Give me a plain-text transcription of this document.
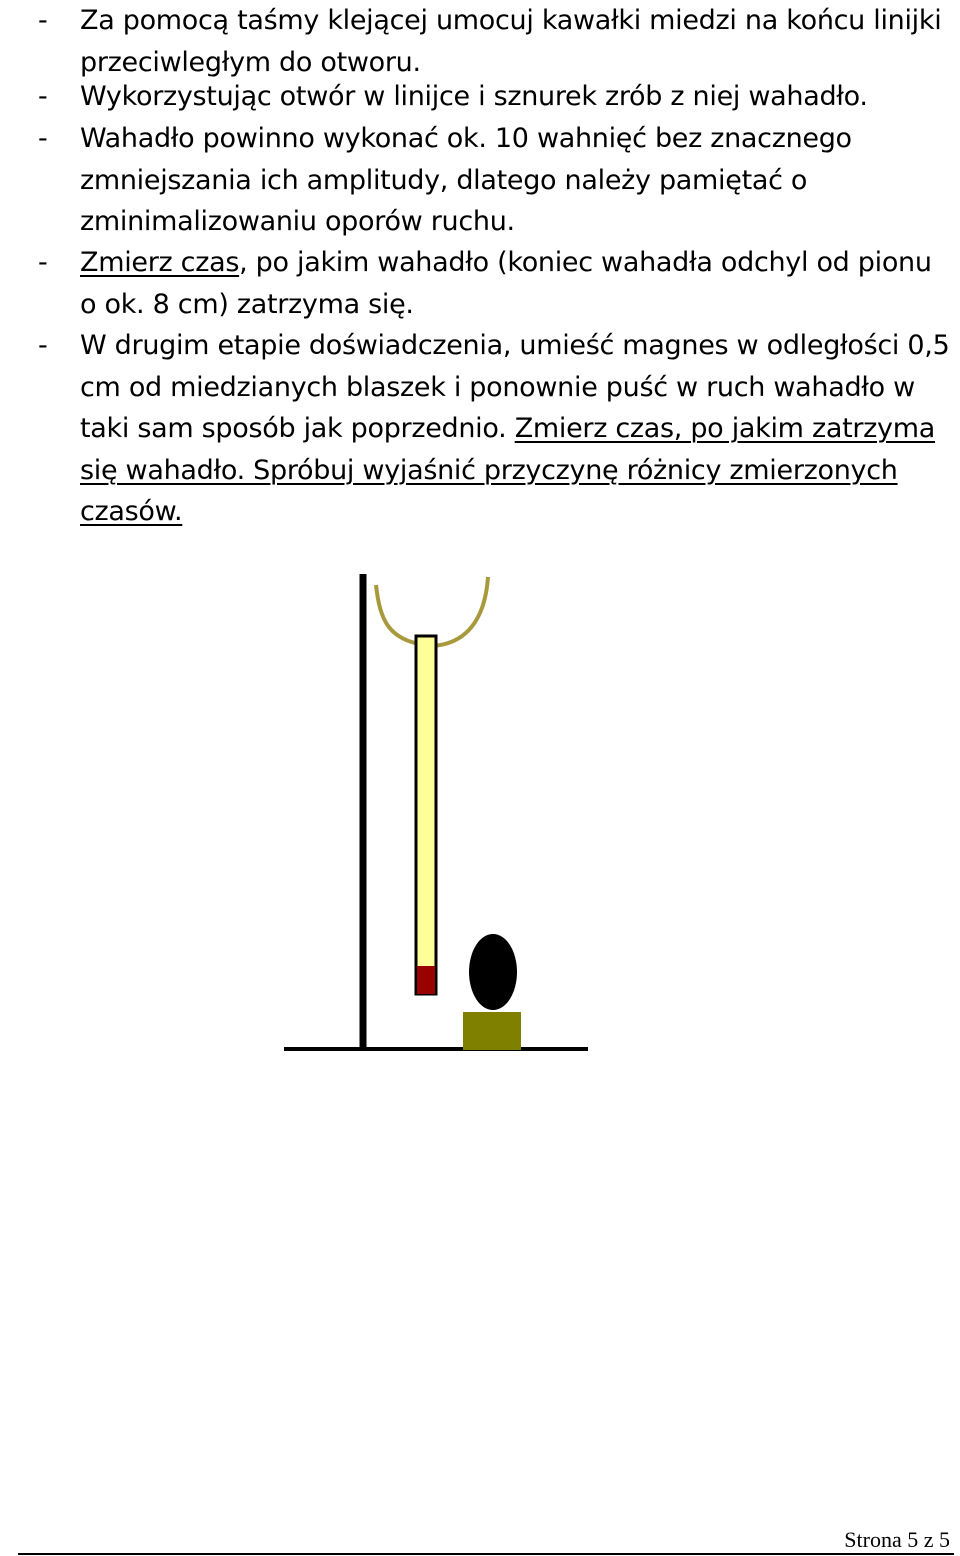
- Za pomocą taśmy klejącej umocuj kawałki miedzi na końcu linijki przeciwległym do otworu.
- Wykorzystując otwór w linijce i sznurek zrób z niej wahadło.
- Wahadło powinno wykonać ok. 10 wahnięć bez znacznego zmniejszania ich amplitudy, dlatego należy pamiętać o zminimalizowaniu oporów ruchu.
- Zmierz czas, po jakim wahadło (koniec wahadła odchyl od pionu o ok. 8 cm) zatrzyma się.
- W drugim etapie doświadczenia, umieść magnes w odległości 0,5 cm od miedzianych blaszek i ponownie puść w ruch wahadło w taki sam sposób jak poprzednio. Zmierz czas, po jakim zatrzyma się wahadło. Spróbuj wyjaśnić przyczynę różnicy zmierzonych czasów.
Strona 5 z 5
